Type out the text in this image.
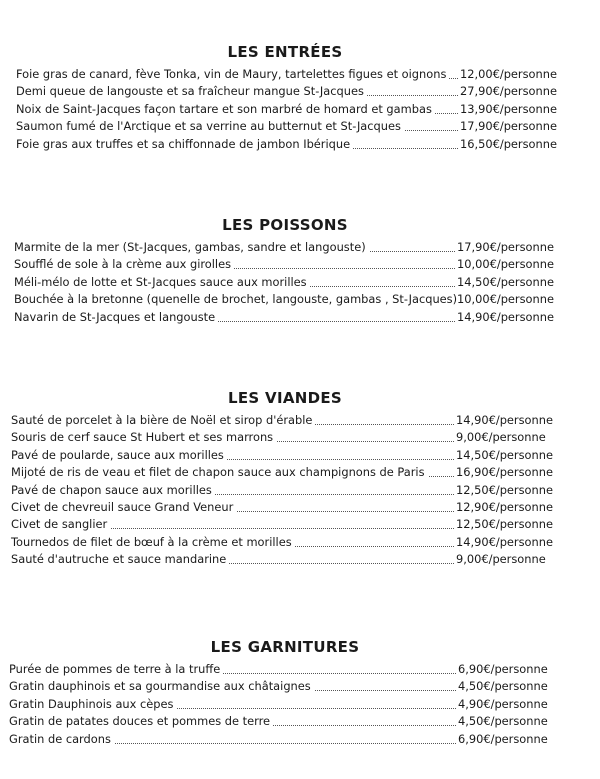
LES ENTRÉES
Foie gras de canard, fève Tonka, vin de Maury, tartelettes figues et oignons 12,00€/personne
Demi queue de langouste et sa fraîcheur mangue St-Jacques	27,90€/personne
Noix de Saint-Jacques façon tartare et son marbré de homard et gambas 13,90€/personne
Saumon fumé de l'Arctique et sa verrine au butternut et St-Jacques	17,90€/personne
Foie gras aux truffes et sa chiffonnade de jambon Ibérique	16,50€/personne
LES POISSONS
Marmite de la mer (St-Jacques, gambas, sandre et langouste)	17,90€/personne
Soufflé de sole à la crème aux girolles	10,00€/personne
Méli-mélo de lotte et St-Jacques sauce aux morilles	14,50€/personne
Bouchée à la bretonne (quenelle de brochet, langouste, gambas , St-Jacques) 10,00€/personne
Navarin de St-Jacques et langouste	14,90€/personne
LES VIANDES
Sauté de porcelet à la bière de Noël et sirop d'érable	14,90€/personne
Souris de cerf sauce St Hubert et ses marrons	9,00€/personne
Pavé de poularde, sauce aux morilles	14,50€/personne
Mijoté de ris de veau et filet de chapon sauce aux champignons de Paris	16,90€/personne
Pavé de chapon sauce aux morilles	12,50€/personne
Civet de chevreuil sauce Grand Veneur	12,90€/personne
Civet de sanglier	12,50€/personne
Tournedos de filet de bœuf à la crème et morilles	14,90€/personne
Sauté d'autruche et sauce mandarine	9,00€/personne
LES GARNITURES
Purée de pommes de terre à la truffe	6,90€/personne
Gratin dauphinois et sa gourmandise aux châtaignes	4,50€/personne
Gratin Dauphinois aux cèpes	4,90€/personne
Gratin de patates douces et pommes de terre	4,50€/personne
Gratin de cardons	6,90€/personne
